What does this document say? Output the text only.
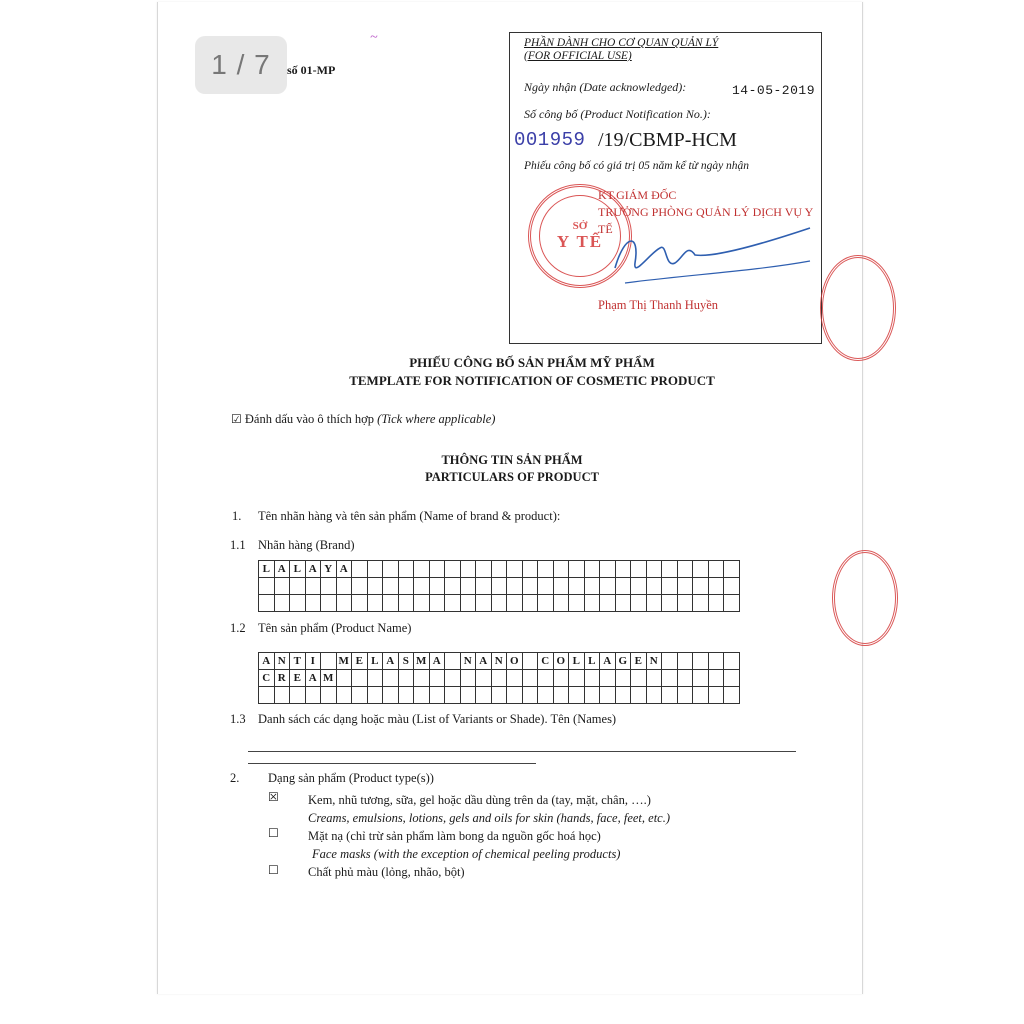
1 / 7 số 01-MP
~	PHẦN DÀNH CHO CƠ QUAN QUẢN LÝ
(FOR OFFICIAL USE)
Ngày nhận (Date acknowledged):	14-05-2019
Số công bố (Product Notification No.):
001959 /19/CBMP-HCM
Phiếu công bố có giá trị 05 năm kể từ ngày nhận
KT.GIÁM ĐỐC
TRƯỞNG PHÒNG QUẢN LÝ DỊCH VỤ Y TẾ
SỞ
Y TẾ
Phạm Thị Thanh Huyền
PHIẾU CÔNG BỐ SẢN PHẨM MỸ PHẨM
TEMPLATE FOR NOTIFICATION OF COSMETIC PRODUCT
☑ Đánh dấu vào ô thích hợp (Tick where applicable)
THÔNG TIN SẢN PHẨM
PARTICULARS OF PRODUCT
1. Tên nhãn hàng và tên sản phẩm (Name of brand & product):
1.1 Nhãn hàng (Brand)
L	A	L	A	Y	A																									

1.2 Tên sản phẩm (Product Name)
A	N	T	I		M	E	L	A	S	M	A		N	A	N	O		C	O	L	L	A	G	E	N					
C	R	E	A	M																										

1.3 Danh sách các dạng hoặc màu (List of Variants or Shade). Tên (Names)
2. Dạng sản phẩm (Product type(s))
☒ Kem, nhũ tương, sữa, gel hoặc dầu dùng trên da (tay, mặt, chân, ….)
Creams, emulsions, lotions, gels and oils for skin (hands, face, feet, etc.)
☐ Mặt nạ (chỉ trừ sản phẩm làm bong da nguồn gốc hoá học)
Face masks (with the exception of chemical peeling products)
☐ Chất phủ màu (lỏng, nhão, bột)
